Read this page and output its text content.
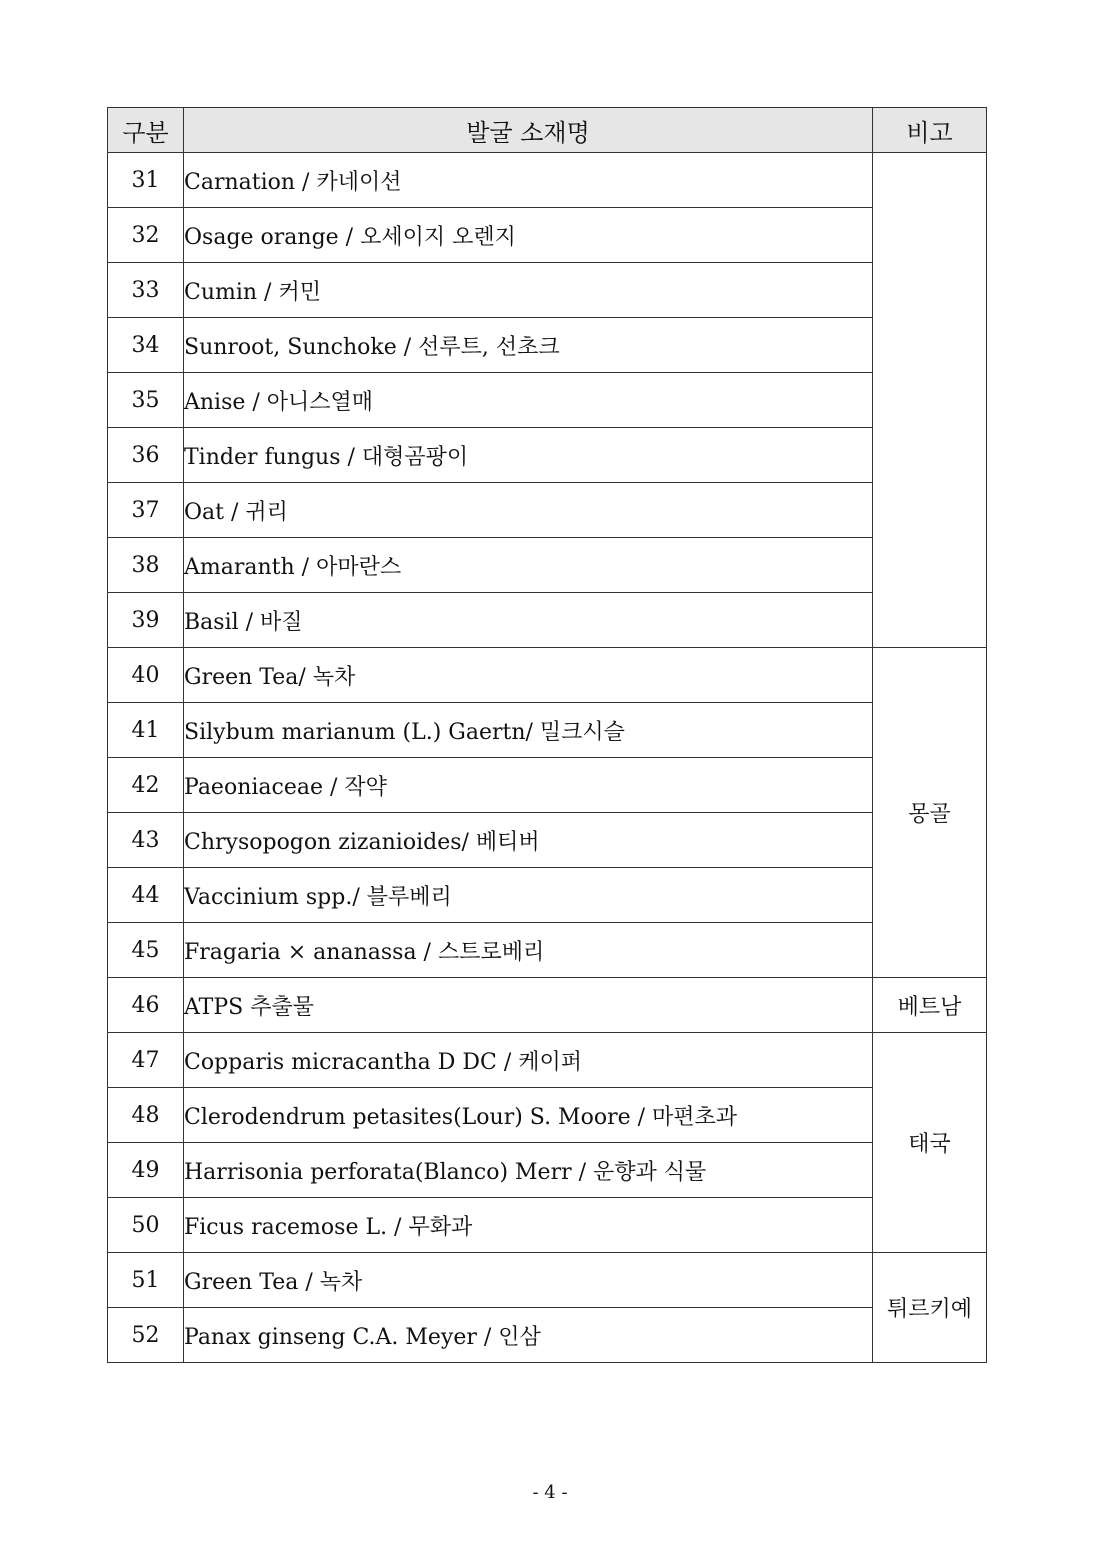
구분	발굴 소재명	비고
31	Carnation / 카네이션	
32	Osage orange / 오세이지 오렌지	
33	Cumin / 커민	
34	Sunroot, Sunchoke / 선루트, 선초크	
35	Anise / 아니스열매	
36	Tinder fungus / 대형곰팡이	
37	Oat / 귀리	
38	Amaranth / 아마란스	
39	Basil / 바질	
40	Green Tea/ 녹차	몽골
41	Silybum marianum (L.) Gaertn/ 밀크시슬	
42	Paeoniaceae / 작약	
43	Chrysopogon zizanioides/ 베티버	
44	Vaccinium spp./ 블루베리	
45	Fragaria × ananassa / 스트로베리	
46	ATPS 추출물	베트남
47	Copparis micracantha D DC / 케이퍼	태국
48	Clerodendrum petasites(Lour) S. Moore / 마편초과	
49	Harrisonia perforata(Blanco) Merr / 운향과 식물	
50	Ficus racemose L. / 무화과	
51	Green Tea / 녹차	튀르키예
52	Panax ginseng C.A. Meyer / 인삼	
- 4 -
